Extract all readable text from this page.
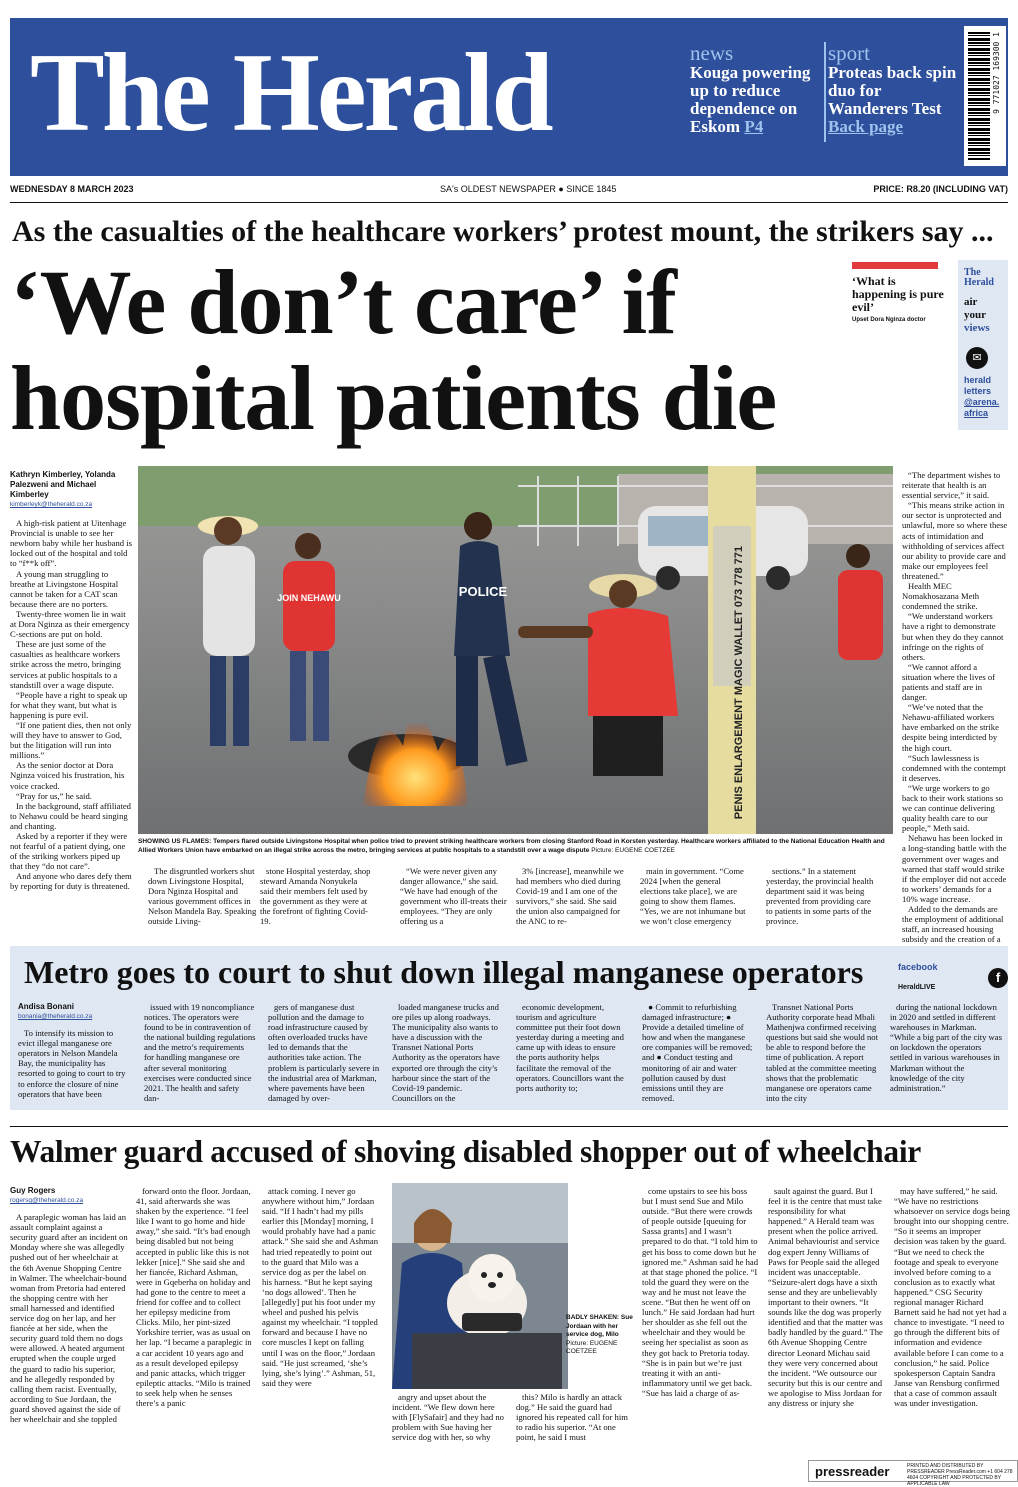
The Herald	news
Kouga powering up to reduce dependence on Eskom P4
sport
Proteas back spin duo for Wanderers Test
Back page
9 771027 169300 1
WEDNESDAY 8 MARCH 2023	SA's OLDEST NEWSPAPER ● SINCE 1845	PRICE: R8.20 (INCLUDING VAT)
As the casualties of the healthcare workers’ protest mount, the strikers say ...
‘We don’t care’ if
hospital patients die
‘What is happening is pure evil’
Upset Dora Nginza doctor
The Herald
air
your
views
✉
herald letters
@arena. africa
Kathryn Kimberley, Yolanda Palezweni and Michael Kimberley
kimberleyk@theherald.co.za

A high-risk patient at Uitenhage Provincial is unable to see her newborn baby while her husband is locked out of the hospital and told to “f**k off”.

A young man struggling to breathe at Livingstone Hospital cannot be taken for a CAT scan because there are no porters.

Twenty-three women lie in wait at Dora Nginza as their emergency C-sections are put on hold.

These are just some of the casualties as healthcare workers strike across the metro, bringing services at public hospitals to a standstill over a wage dispute.

“People have a right to speak up for what they want, but what is happening is pure evil.

“If one patient dies, then not only will they have to answer to God, but the litigation will run into millions.”

As the senior doctor at Dora Nginza voiced his frustration, his voice cracked.

“Pray for us,” he said.

In the background, staff affiliated to Nehawu could be heard singing and chanting.

Asked by a reporter if they were not fearful of a patient dying, one of the striking workers piped up that they “do not care”.

And anyone who dares defy them by reporting for duty is threatened.

PENIS ENLARGEMENT MAGIC WALLET 073 778 771
JOIN NEHAWU	POLICE
SHOWING US FLAMES: Tempers flared outside Livingstone Hospital when police tried to prevent striking healthcare workers from closing Stanford Road in Korsten yesterday. Healthcare workers affiliated to the National Education Health and Allied Workers Union have embarked on an illegal strike across the metro, bringing services at public hospitals to a standstill over a wage dispute Picture: EUGENE COETZEE

“The department wishes to reiterate that health is an essential service,” it said.

“This means strike action in our sector is unprotected and unlawful, more so where these acts of intimidation and withholding of services affect our ability to provide care and make our employees feel threatened.”

Health MEC Nomakhosazana Meth condemned the strike.

“We understand workers have a right to demonstrate but when they do they cannot infringe on the rights of others.

“We cannot afford a situation where the lives of patients and staff are in danger.

“We’ve noted that the Nehawu-affiliated workers have embarked on the strike despite being interdicted by the high court.

“Such lawlessness is condemned with the contempt it deserves.

“We urge workers to go back to their work stations so we can continue delivering quality health care to our people,” Meth said.

Nehawu has been locked in a long-standing battle with the government over wages and warned that staff would strike if the employer did not accede to workers’ demands for a 10% wage increase.

Added to the demands are the employment of additional staff, an increased housing subsidy and the creation of a

The disgruntled workers shut down Livingstone Hospital, Dora Nginza Hospital and various government offices in Nelson Mandela Bay. Speaking outside Living-

stone Hospital yesterday, shop steward Amanda Nonyukela said their members felt used by the government as they were at the forefront of fighting Covid-19.

“We were never given any danger allowance,” she said. “We have had enough of the government who ill-treats their employees. “They are only offering us a

3% [increase], meanwhile we had members who died during Covid-19 and I am one of the survivors,” she said. She said the union also campaigned for the ANC to re-

main in government. “Come 2024 [when the general elections take place], we are going to show them flames. “Yes, we are not inhumane but we won’t close emergency

sections.” In a statement yesterday, the provincial health department said it was being prevented from providing care to patients in some parts of the province.

Metro goes to court to shut down illegal manganese operators	facebook
HeraldLIVE
f
Andisa Bonani
bonania@theherald.co.za

To intensify its mission to evict illegal manganese ore operators in Nelson Mandela Bay, the municipality has resorted to going to court to try to enforce the closure of nine operators that have been

issued with 19 noncompliance notices. The operators were found to be in contravention of the national building regulations and the metro’s requirements for handling manganese ore after several monitoring exercises were conducted since 2021. The health and safety dan-

gers of manganese dust pollution and the damage to road infrastructure caused by often overloaded trucks have led to demands that the authorities take action. The problem is particularly severe in the industrial area of Markman, where pavements have been damaged by over-

loaded manganese trucks and ore piles up along roadways. The municipality also wants to have a discussion with the Transnet National Ports Authority as the operators have exported ore through the city’s harbour since the start of the Covid-19 pandemic. Councillors on the

economic development, tourism and agriculture committee put their foot down yesterday during a meeting and came up with ideas to ensure the ports authority helps facilitate the removal of the operators. Councillors want the ports authority to;

● Commit to refurbishing damaged infrastructure; ● Provide a detailed timeline of how and when the manganese ore companies will be removed; and ● Conduct testing and monitoring of air and water pollution caused by dust emissions until they are removed.

Transnet National Ports Authority corporate head Mbali Mathenjwa confirmed receiving questions but said she would not be able to respond before the time of publication. A report tabled at the committee meeting shows that the problematic manganese ore operators came into the city

during the national lockdown in 2020 and settled in different warehouses in Markman. “While a big part of the city was on lockdown the operators settled in various warehouses in Markman without the knowledge of the city administration.”

Walmer guard accused of shoving disabled shopper out of wheelchair
Guy Rogers
rogersg@theherald.co.za

A paraplegic woman has laid an assault complaint against a security guard after an incident on Monday where she was allegedly pushed out of her wheelchair at the 6th Avenue Shopping Centre in Walmer. The wheelchair-bound woman from Pretoria had entered the shopping centre with her small harnessed and identified service dog on her lap, and her fiancée at her side, when the security guard told them no dogs were allowed. A heated argument erupted when the couple urged the guard to radio his superior, and he allegedly responded by calling them racist. Eventually, according to Sue Jordaan, the guard shoved against the side of her wheelchair and she toppled

forward onto the floor. Jordaan, 41, said afterwards she was shaken by the experience. “I feel like I want to go home and hide away,” she said. “It’s bad enough being disabled but not being accepted in public like this is not lekker [nice].” She said she and her fiancée, Richard Ashman, were in Gqeberha on holiday and had gone to the centre to meet a friend for coffee and to collect her epilepsy medicine from Clicks. Milo, her pint-sized Yorkshire terrier, was as usual on her lap. “I became a paraplegic in a car accident 10 years ago and as a result developed epilepsy and panic attacks, which trigger epileptic attacks. “Milo is trained to seek help when he senses there’s a panic

attack coming. I never go anywhere without him,” Jordaan said. “If I hadn’t had my pills earlier this [Monday] morning, I would probably have had a panic attack.” She said she and Ashman had tried repeatedly to point out to the guard that Milo was a service dog as per the label on his harness. “But he kept saying ‘no dogs allowed’. Then he [allegedly] put his foot under my wheel and pushed his pelvis against my wheelchair. “I toppled forward and because I have no core muscles I kept on falling until I was on the floor,” Jordaan said. “He just screamed, ‘she’s lying, she’s lying’.” Ashman, 51, said they were

angry and upset about the incident. “We flew down here with [FlySafair] and they had no problem with Sue having her service dog with her, so why

this? Milo is hardly an attack dog.” He said the guard had ignored his repeated call for him to radio his superior. “At one point, he said I must

come upstairs to see his boss but I must send Sue and Milo outside. “But there were crowds of people outside [queuing for Sassa grants] and I wasn’t prepared to do that. “I told him to get his boss to come down but he ignored me.” Ashman said he had at that stage phoned the police. “I told the guard they were on the way and he must not leave the scene. “But then he went off on lunch.” He said Jordaan had hurt her shoulder as she fell out the wheelchair and they would be seeing her specialist as soon as they got back to Pretoria today. “She is in pain but we’re just treating it with an anti-inflammatory until we get back. “Sue has laid a charge of as-

sault against the guard. But I feel it is the centre that must take responsibility for what happened.” A Herald team was present when the police arrived. Animal behaviourist and service dog expert Jenny Williams of Paws for People said the alleged incident was unacceptable. “Seizure-alert dogs have a sixth sense and they are unbelievably important to their owners. “It sounds like the dog was properly identified and that the matter was badly handled by the guard.” The 6th Avenue Shopping Centre director Leonard Michau said they were very concerned about the incident. “We outsource our security but this is our centre and we apologise to Miss Jordaan for any distress or injury she

may have suffered,” he said. “We have no restrictions whatsoever on service dogs being brought into our shopping centre. “So it seems an improper decision was taken by the guard. “But we need to check the footage and speak to everyone involved before coming to a conclusion as to exactly what happened.” CSG Security regional manager Richard Barnett said he had not yet had a chance to investigate. “I need to go through the different bits of information and evidence available before I can come to a conclusion,” he said. Police spokesperson Captain Sandra Janse van Rensburg confirmed that a case of common assault was under investigation.

BADLY SHAKEN: Sue Jordaan with her service dog, Milo
Picture: EUGENE COETZEE
pressreader	PRINTED AND DISTRIBUTED BY PRESSREADER PressReader.com +1 604 278 4604 COPYRIGHT AND PROTECTED BY APPLICABLE LAW
